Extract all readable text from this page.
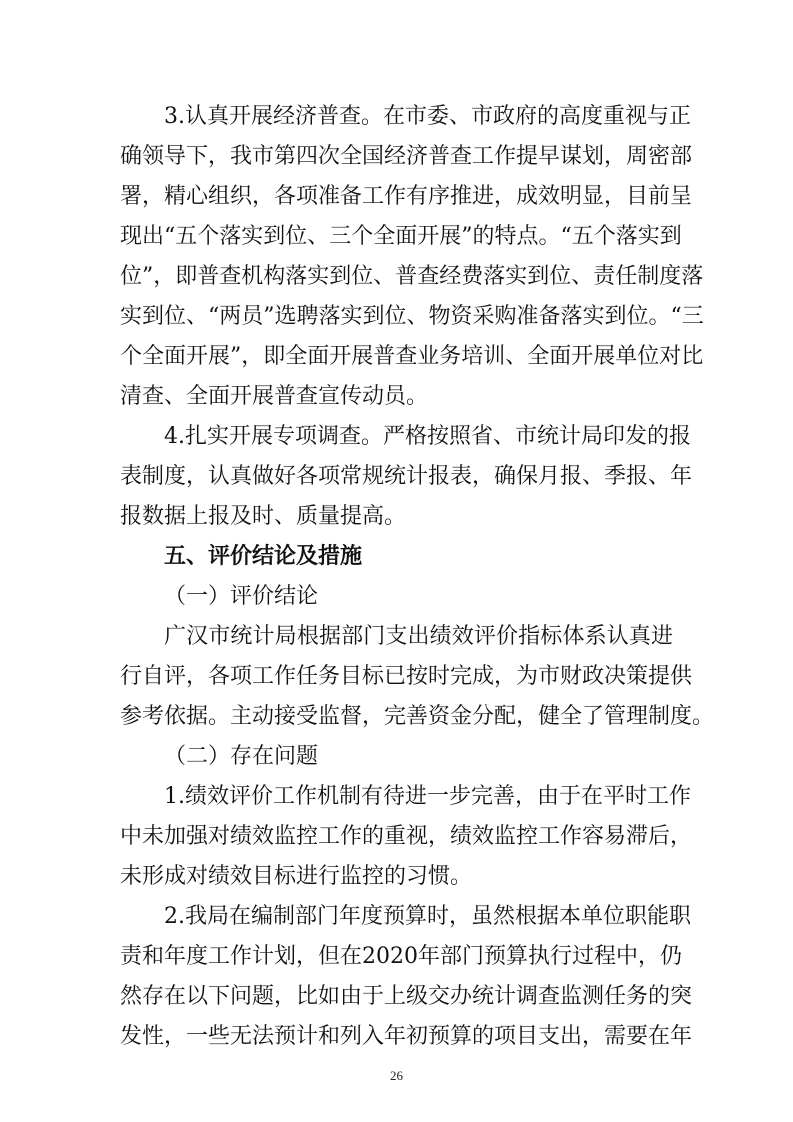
3.认真开展经济普查。在市委、市政府的高度重视与正
确领导下，我市第四次全国经济普查工作提早谋划，周密部
署，精心组织，各项准备工作有序推进，成效明显，目前呈
现出“五个落实到位、三个全面开展”的特点。“五个落实到
位”，即普查机构落实到位、普查经费落实到位、责任制度落
实到位、“两员”选聘落实到位、物资采购准备落实到位。“三
个全面开展”，即全面开展普查业务培训、全面开展单位对比
清查、全面开展普查宣传动员。
4.扎实开展专项调查。严格按照省、市统计局印发的报
表制度，认真做好各项常规统计报表，确保月报、季报、年
报数据上报及时、质量提高。
五、评价结论及措施
（一）评价结论
广汉市统计局根据部门支出绩效评价指标体系认真进
行自评，各项工作任务目标已按时完成，为市财政决策提供
参考依据。主动接受监督，完善资金分配，健全了管理制度。
（二）存在问题
1.绩效评价工作机制有待进一步完善，由于在平时工作
中未加强对绩效监控工作的重视，绩效监控工作容易滞后，
未形成对绩效目标进行监控的习惯。
2.我局在编制部门年度预算时，虽然根据本单位职能职
责和年度工作计划，但在2020年部门预算执行过程中，仍
然存在以下问题，比如由于上级交办统计调查监测任务的突
发性，一些无法预计和列入年初预算的项目支出，需要在年
26
